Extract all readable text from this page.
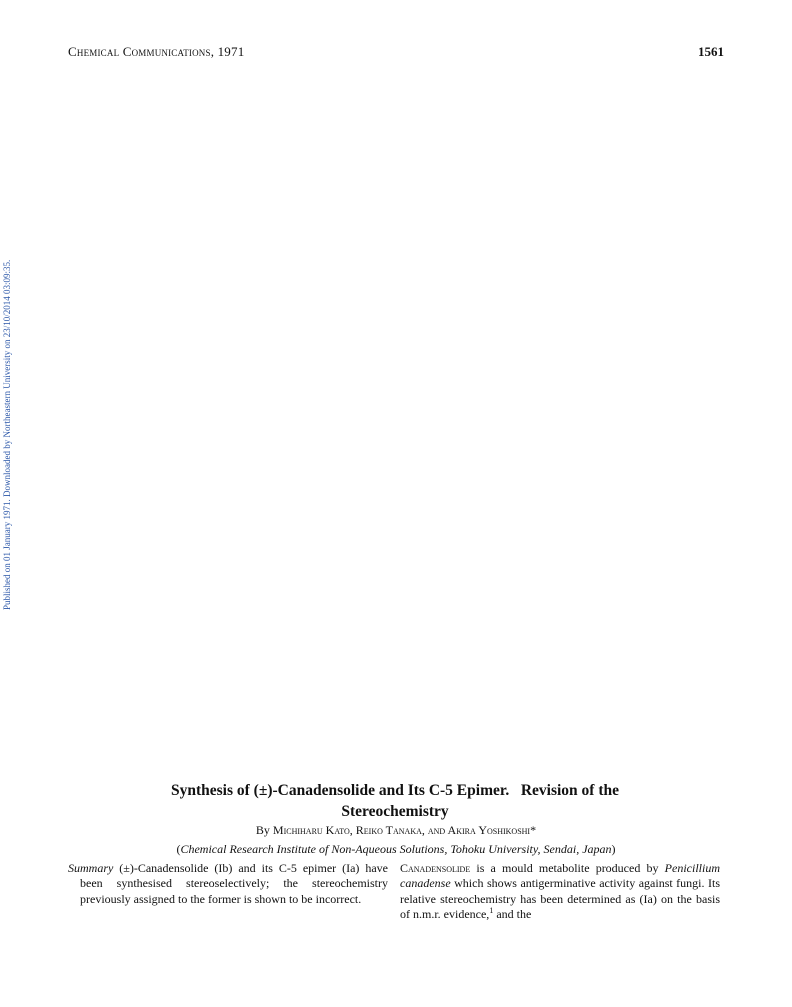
Chemical Communications, 1971	1561
Published on 01 January 1971. Downloaded by Northeastern University on 23/10/2014 03:09:35.
Synthesis of (±)-Canadensolide and Its C-5 Epimer.   Revision of the
Stereochemistry
By Michiharu Kato, Reiko Tanaka, and Akira Yoshikoshi*
(Chemical Research Institute of Non-Aqueous Solutions, Tohoku University, Sendai, Japan)
Summary (±)-Canadensolide (Ib) and its C-5 epimer (Ia) have been synthesised stereoselectively; the stereochemistry previously assigned to the former is shown to be incorrect.
Canadensolide is a mould metabolite produced by Penicillium canadense which shows antigerminative activity against fungi. Its relative stereochemistry has been determined as (Ia) on the basis of n.m.r. evidence,$^1$ and the
